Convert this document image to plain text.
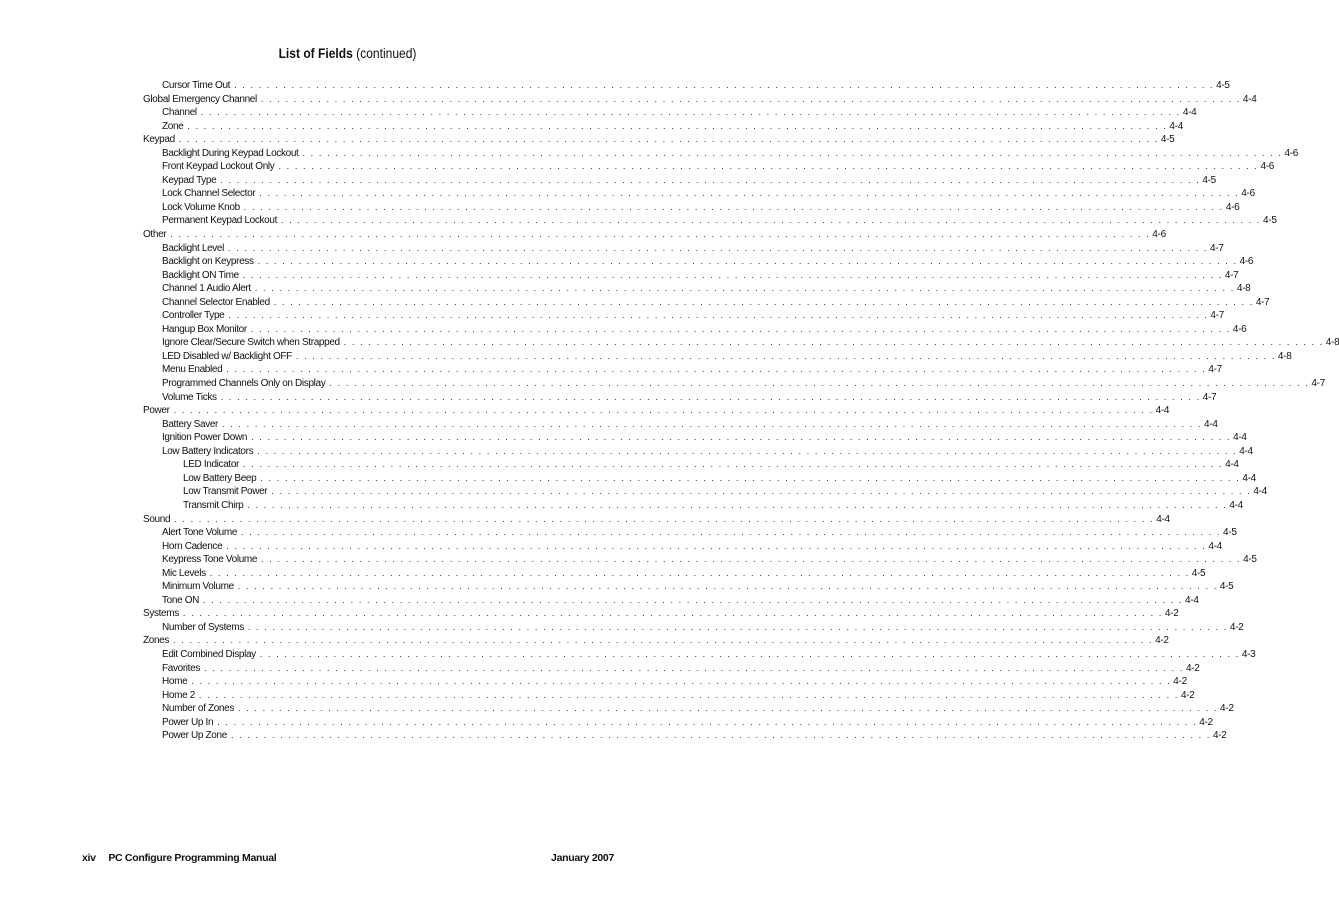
List of Fields (continued)
Cursor Time Out . . . . . . . . . . . . . . . . . . . . . . . . . . . . . . . . . . . . . . . . . . . . . . . . . . . . . . . . . . . . . . . . . . . . . . . . . . . . . . . . . . . . . . . . . . . . . . . . . . . . . . . . . . . . . . . . . . . . . . . . 4-5
Global Emergency Channel . . . . . . . . . . . . . . . . . . . . . . . . . . . . . . . . . . . . . . . . . . . . . . . . . . . . . . . . . . . . . . . . . . . . . . . . . . . . . . . . . . . . . . . . . . . . . . . . . . . . . . . . . . . . . . . . . . . . . . . . 4-4
Channel . . . . . . . . . . . . . . . . . . . . . . . . . . . . . . . . . . . . . . . . . . . . . . . . . . . . . . . . . . . . . . . . . . . . . . . . . . . . . . . . . . . . . . . . . . . . . . . . . . . . . . . . . . . . . . . . . . . . . . . . 4-4
Zone . . . . . . . . . . . . . . . . . . . . . . . . . . . . . . . . . . . . . . . . . . . . . . . . . . . . . . . . . . . . . . . . . . . . . . . . . . . . . . . . . . . . . . . . . . . . . . . . . . . . . . . . . . . . . . . . . . . . . . . . 4-4
Keypad . . . . . . . . . . . . . . . . . . . . . . . . . . . . . . . . . . . . . . . . . . . . . . . . . . . . . . . . . . . . . . . . . . . . . . . . . . . . . . . . . . . . . . . . . . . . . . . . . . . . . . . . . . . . . . . . . . . . . . . . 4-5
Backlight During Keypad Lockout . . . . . . . . . . . . . . . . . . . . . . . . . . . . . . . . . . . . . . . . . . . . . . . . . . . . . . . . . . . . . . . . . . . . . . . . . . . . . . . . . . . . . . . . . . . . . . . . . . . . . . . . . . . . . . . . . . . . . . . . 4-6
Front Keypad Lockout Only . . . . . . . . . . . . . . . . . . . . . . . . . . . . . . . . . . . . . . . . . . . . . . . . . . . . . . . . . . . . . . . . . . . . . . . . . . . . . . . . . . . . . . . . . . . . . . . . . . . . . . . . . . . . . . . . . . . . . . . . 4-6
Keypad Type . . . . . . . . . . . . . . . . . . . . . . . . . . . . . . . . . . . . . . . . . . . . . . . . . . . . . . . . . . . . . . . . . . . . . . . . . . . . . . . . . . . . . . . . . . . . . . . . . . . . . . . . . . . . . . . . . . . . . . . . 4-5
Lock Channel Selector . . . . . . . . . . . . . . . . . . . . . . . . . . . . . . . . . . . . . . . . . . . . . . . . . . . . . . . . . . . . . . . . . . . . . . . . . . . . . . . . . . . . . . . . . . . . . . . . . . . . . . . . . . . . . . . . . . . . . . . . 4-6
Lock Volume Knob . . . . . . . . . . . . . . . . . . . . . . . . . . . . . . . . . . . . . . . . . . . . . . . . . . . . . . . . . . . . . . . . . . . . . . . . . . . . . . . . . . . . . . . . . . . . . . . . . . . . . . . . . . . . . . . . . . . . . . . . 4-6
Permanent Keypad Lockout . . . . . . . . . . . . . . . . . . . . . . . . . . . . . . . . . . . . . . . . . . . . . . . . . . . . . . . . . . . . . . . . . . . . . . . . . . . . . . . . . . . . . . . . . . . . . . . . . . . . . . . . . . . . . . . . . . . . . . . . 4-5
Other . . . . . . . . . . . . . . . . . . . . . . . . . . . . . . . . . . . . . . . . . . . . . . . . . . . . . . . . . . . . . . . . . . . . . . . . . . . . . . . . . . . . . . . . . . . . . . . . . . . . . . . . . . . . . . . . . . . . . . . . 4-6
Backlight Level . . . . . . . . . . . . . . . . . . . . . . . . . . . . . . . . . . . . . . . . . . . . . . . . . . . . . . . . . . . . . . . . . . . . . . . . . . . . . . . . . . . . . . . . . . . . . . . . . . . . . . . . . . . . . . . . . . . . . . . . 4-7
Backlight on Keypress . . . . . . . . . . . . . . . . . . . . . . . . . . . . . . . . . . . . . . . . . . . . . . . . . . . . . . . . . . . . . . . . . . . . . . . . . . . . . . . . . . . . . . . . . . . . . . . . . . . . . . . . . . . . . . . . . . . . . . . . 4-6
Backlight ON Time . . . . . . . . . . . . . . . . . . . . . . . . . . . . . . . . . . . . . . . . . . . . . . . . . . . . . . . . . . . . . . . . . . . . . . . . . . . . . . . . . . . . . . . . . . . . . . . . . . . . . . . . . . . . . . . . . . . . . . . . 4-7
Channel 1 Audio Alert . . . . . . . . . . . . . . . . . . . . . . . . . . . . . . . . . . . . . . . . . . . . . . . . . . . . . . . . . . . . . . . . . . . . . . . . . . . . . . . . . . . . . . . . . . . . . . . . . . . . . . . . . . . . . . . . . . . . . . . . 4-8
Channel Selector Enabled . . . . . . . . . . . . . . . . . . . . . . . . . . . . . . . . . . . . . . . . . . . . . . . . . . . . . . . . . . . . . . . . . . . . . . . . . . . . . . . . . . . . . . . . . . . . . . . . . . . . . . . . . . . . . . . . . . . . . . . . 4-7
Controller Type . . . . . . . . . . . . . . . . . . . . . . . . . . . . . . . . . . . . . . . . . . . . . . . . . . . . . . . . . . . . . . . . . . . . . . . . . . . . . . . . . . . . . . . . . . . . . . . . . . . . . . . . . . . . . . . . . . . . . . . . 4-7
Hangup Box Monitor . . . . . . . . . . . . . . . . . . . . . . . . . . . . . . . . . . . . . . . . . . . . . . . . . . . . . . . . . . . . . . . . . . . . . . . . . . . . . . . . . . . . . . . . . . . . . . . . . . . . . . . . . . . . . . . . . . . . . . . . 4-6
Ignore Clear/Secure Switch when Strapped . . . . . . . . . . . . . . . . . . . . . . . . . . . . . . . . . . . . . . . . . . . . . . . . . . . . . . . . . . . . . . . . . . . . . . . . . . . . . . . . . . . . . . . . . . . . . . . . . . . . . . . . . . . . . . . . . . . . . . . . 4-8
LED Disabled w/ Backlight OFF . . . . . . . . . . . . . . . . . . . . . . . . . . . . . . . . . . . . . . . . . . . . . . . . . . . . . . . . . . . . . . . . . . . . . . . . . . . . . . . . . . . . . . . . . . . . . . . . . . . . . . . . . . . . . . . . . . . . . . . . 4-8
Menu Enabled . . . . . . . . . . . . . . . . . . . . . . . . . . . . . . . . . . . . . . . . . . . . . . . . . . . . . . . . . . . . . . . . . . . . . . . . . . . . . . . . . . . . . . . . . . . . . . . . . . . . . . . . . . . . . . . . . . . . . . . . 4-7
Programmed Channels Only on Display . . . . . . . . . . . . . . . . . . . . . . . . . . . . . . . . . . . . . . . . . . . . . . . . . . . . . . . . . . . . . . . . . . . . . . . . . . . . . . . . . . . . . . . . . . . . . . . . . . . . . . . . . . . . . . . . . . . . . . . . 4-7
Volume Ticks . . . . . . . . . . . . . . . . . . . . . . . . . . . . . . . . . . . . . . . . . . . . . . . . . . . . . . . . . . . . . . . . . . . . . . . . . . . . . . . . . . . . . . . . . . . . . . . . . . . . . . . . . . . . . . . . . . . . . . . . 4-7
Power . . . . . . . . . . . . . . . . . . . . . . . . . . . . . . . . . . . . . . . . . . . . . . . . . . . . . . . . . . . . . . . . . . . . . . . . . . . . . . . . . . . . . . . . . . . . . . . . . . . . . . . . . . . . . . . . . . . . . . . . 4-4
Battery Saver . . . . . . . . . . . . . . . . . . . . . . . . . . . . . . . . . . . . . . . . . . . . . . . . . . . . . . . . . . . . . . . . . . . . . . . . . . . . . . . . . . . . . . . . . . . . . . . . . . . . . . . . . . . . . . . . . . . . . . . . 4-4
Ignition Power Down . . . . . . . . . . . . . . . . . . . . . . . . . . . . . . . . . . . . . . . . . . . . . . . . . . . . . . . . . . . . . . . . . . . . . . . . . . . . . . . . . . . . . . . . . . . . . . . . . . . . . . . . . . . . . . . . . . . . . . . . 4-4
Low Battery Indicators . . . . . . . . . . . . . . . . . . . . . . . . . . . . . . . . . . . . . . . . . . . . . . . . . . . . . . . . . . . . . . . . . . . . . . . . . . . . . . . . . . . . . . . . . . . . . . . . . . . . . . . . . . . . . . . . . . . . . . . . 4-4
LED Indicator . . . . . . . . . . . . . . . . . . . . . . . . . . . . . . . . . . . . . . . . . . . . . . . . . . . . . . . . . . . . . . . . . . . . . . . . . . . . . . . . . . . . . . . . . . . . . . . . . . . . . . . . . . . . . . . . . . . . . . . . 4-4
Low Battery Beep . . . . . . . . . . . . . . . . . . . . . . . . . . . . . . . . . . . . . . . . . . . . . . . . . . . . . . . . . . . . . . . . . . . . . . . . . . . . . . . . . . . . . . . . . . . . . . . . . . . . . . . . . . . . . . . . . . . . . . . . 4-4
Low Transmit Power . . . . . . . . . . . . . . . . . . . . . . . . . . . . . . . . . . . . . . . . . . . . . . . . . . . . . . . . . . . . . . . . . . . . . . . . . . . . . . . . . . . . . . . . . . . . . . . . . . . . . . . . . . . . . . . . . . . . . . . . 4-4
Transmit Chirp . . . . . . . . . . . . . . . . . . . . . . . . . . . . . . . . . . . . . . . . . . . . . . . . . . . . . . . . . . . . . . . . . . . . . . . . . . . . . . . . . . . . . . . . . . . . . . . . . . . . . . . . . . . . . . . . . . . . . . . . 4-4
Sound . . . . . . . . . . . . . . . . . . . . . . . . . . . . . . . . . . . . . . . . . . . . . . . . . . . . . . . . . . . . . . . . . . . . . . . . . . . . . . . . . . . . . . . . . . . . . . . . . . . . . . . . . . . . . . . . . . . . . . . . 4-4
Alert Tone Volume . . . . . . . . . . . . . . . . . . . . . . . . . . . . . . . . . . . . . . . . . . . . . . . . . . . . . . . . . . . . . . . . . . . . . . . . . . . . . . . . . . . . . . . . . . . . . . . . . . . . . . . . . . . . . . . . . . . . . . . . 4-5
Horn Cadence . . . . . . . . . . . . . . . . . . . . . . . . . . . . . . . . . . . . . . . . . . . . . . . . . . . . . . . . . . . . . . . . . . . . . . . . . . . . . . . . . . . . . . . . . . . . . . . . . . . . . . . . . . . . . . . . . . . . . . . . 4-4
Keypress Tone Volume . . . . . . . . . . . . . . . . . . . . . . . . . . . . . . . . . . . . . . . . . . . . . . . . . . . . . . . . . . . . . . . . . . . . . . . . . . . . . . . . . . . . . . . . . . . . . . . . . . . . . . . . . . . . . . . . . . . . . . . . 4-5
Mic Levels . . . . . . . . . . . . . . . . . . . . . . . . . . . . . . . . . . . . . . . . . . . . . . . . . . . . . . . . . . . . . . . . . . . . . . . . . . . . . . . . . . . . . . . . . . . . . . . . . . . . . . . . . . . . . . . . . . . . . . . . 4-5
Minimum Volume . . . . . . . . . . . . . . . . . . . . . . . . . . . . . . . . . . . . . . . . . . . . . . . . . . . . . . . . . . . . . . . . . . . . . . . . . . . . . . . . . . . . . . . . . . . . . . . . . . . . . . . . . . . . . . . . . . . . . . . . 4-5
Tone ON . . . . . . . . . . . . . . . . . . . . . . . . . . . . . . . . . . . . . . . . . . . . . . . . . . . . . . . . . . . . . . . . . . . . . . . . . . . . . . . . . . . . . . . . . . . . . . . . . . . . . . . . . . . . . . . . . . . . . . . . 4-4
Systems . . . . . . . . . . . . . . . . . . . . . . . . . . . . . . . . . . . . . . . . . . . . . . . . . . . . . . . . . . . . . . . . . . . . . . . . . . . . . . . . . . . . . . . . . . . . . . . . . . . . . . . . . . . . . . . . . . . . . . . . 4-2
Number of Systems . . . . . . . . . . . . . . . . . . . . . . . . . . . . . . . . . . . . . . . . . . . . . . . . . . . . . . . . . . . . . . . . . . . . . . . . . . . . . . . . . . . . . . . . . . . . . . . . . . . . . . . . . . . . . . . . . . . . . . . . 4-2
Zones . . . . . . . . . . . . . . . . . . . . . . . . . . . . . . . . . . . . . . . . . . . . . . . . . . . . . . . . . . . . . . . . . . . . . . . . . . . . . . . . . . . . . . . . . . . . . . . . . . . . . . . . . . . . . . . . . . . . . . . . 4-2
Edit Combined Display . . . . . . . . . . . . . . . . . . . . . . . . . . . . . . . . . . . . . . . . . . . . . . . . . . . . . . . . . . . . . . . . . . . . . . . . . . . . . . . . . . . . . . . . . . . . . . . . . . . . . . . . . . . . . . . . . . . . . . . . 4-3
Favorites . . . . . . . . . . . . . . . . . . . . . . . . . . . . . . . . . . . . . . . . . . . . . . . . . . . . . . . . . . . . . . . . . . . . . . . . . . . . . . . . . . . . . . . . . . . . . . . . . . . . . . . . . . . . . . . . . . . . . . . . 4-2
Home . . . . . . . . . . . . . . . . . . . . . . . . . . . . . . . . . . . . . . . . . . . . . . . . . . . . . . . . . . . . . . . . . . . . . . . . . . . . . . . . . . . . . . . . . . . . . . . . . . . . . . . . . . . . . . . . . . . . . . . . 4-2
Home 2 . . . . . . . . . . . . . . . . . . . . . . . . . . . . . . . . . . . . . . . . . . . . . . . . . . . . . . . . . . . . . . . . . . . . . . . . . . . . . . . . . . . . . . . . . . . . . . . . . . . . . . . . . . . . . . . . . . . . . . . . 4-2
Number of Zones . . . . . . . . . . . . . . . . . . . . . . . . . . . . . . . . . . . . . . . . . . . . . . . . . . . . . . . . . . . . . . . . . . . . . . . . . . . . . . . . . . . . . . . . . . . . . . . . . . . . . . . . . . . . . . . . . . . . . . . . 4-2
Power Up In . . . . . . . . . . . . . . . . . . . . . . . . . . . . . . . . . . . . . . . . . . . . . . . . . . . . . . . . . . . . . . . . . . . . . . . . . . . . . . . . . . . . . . . . . . . . . . . . . . . . . . . . . . . . . . . . . . . . . . . . 4-2
Power Up Zone . . . . . . . . . . . . . . . . . . . . . . . . . . . . . . . . . . . . . . . . . . . . . . . . . . . . . . . . . . . . . . . . . . . . . . . . . . . . . . . . . . . . . . . . . . . . . . . . . . . . . . . . . . . . . . . . . . . . . . . . 4-2
xiv PC Configure Programming Manual	January 2007
